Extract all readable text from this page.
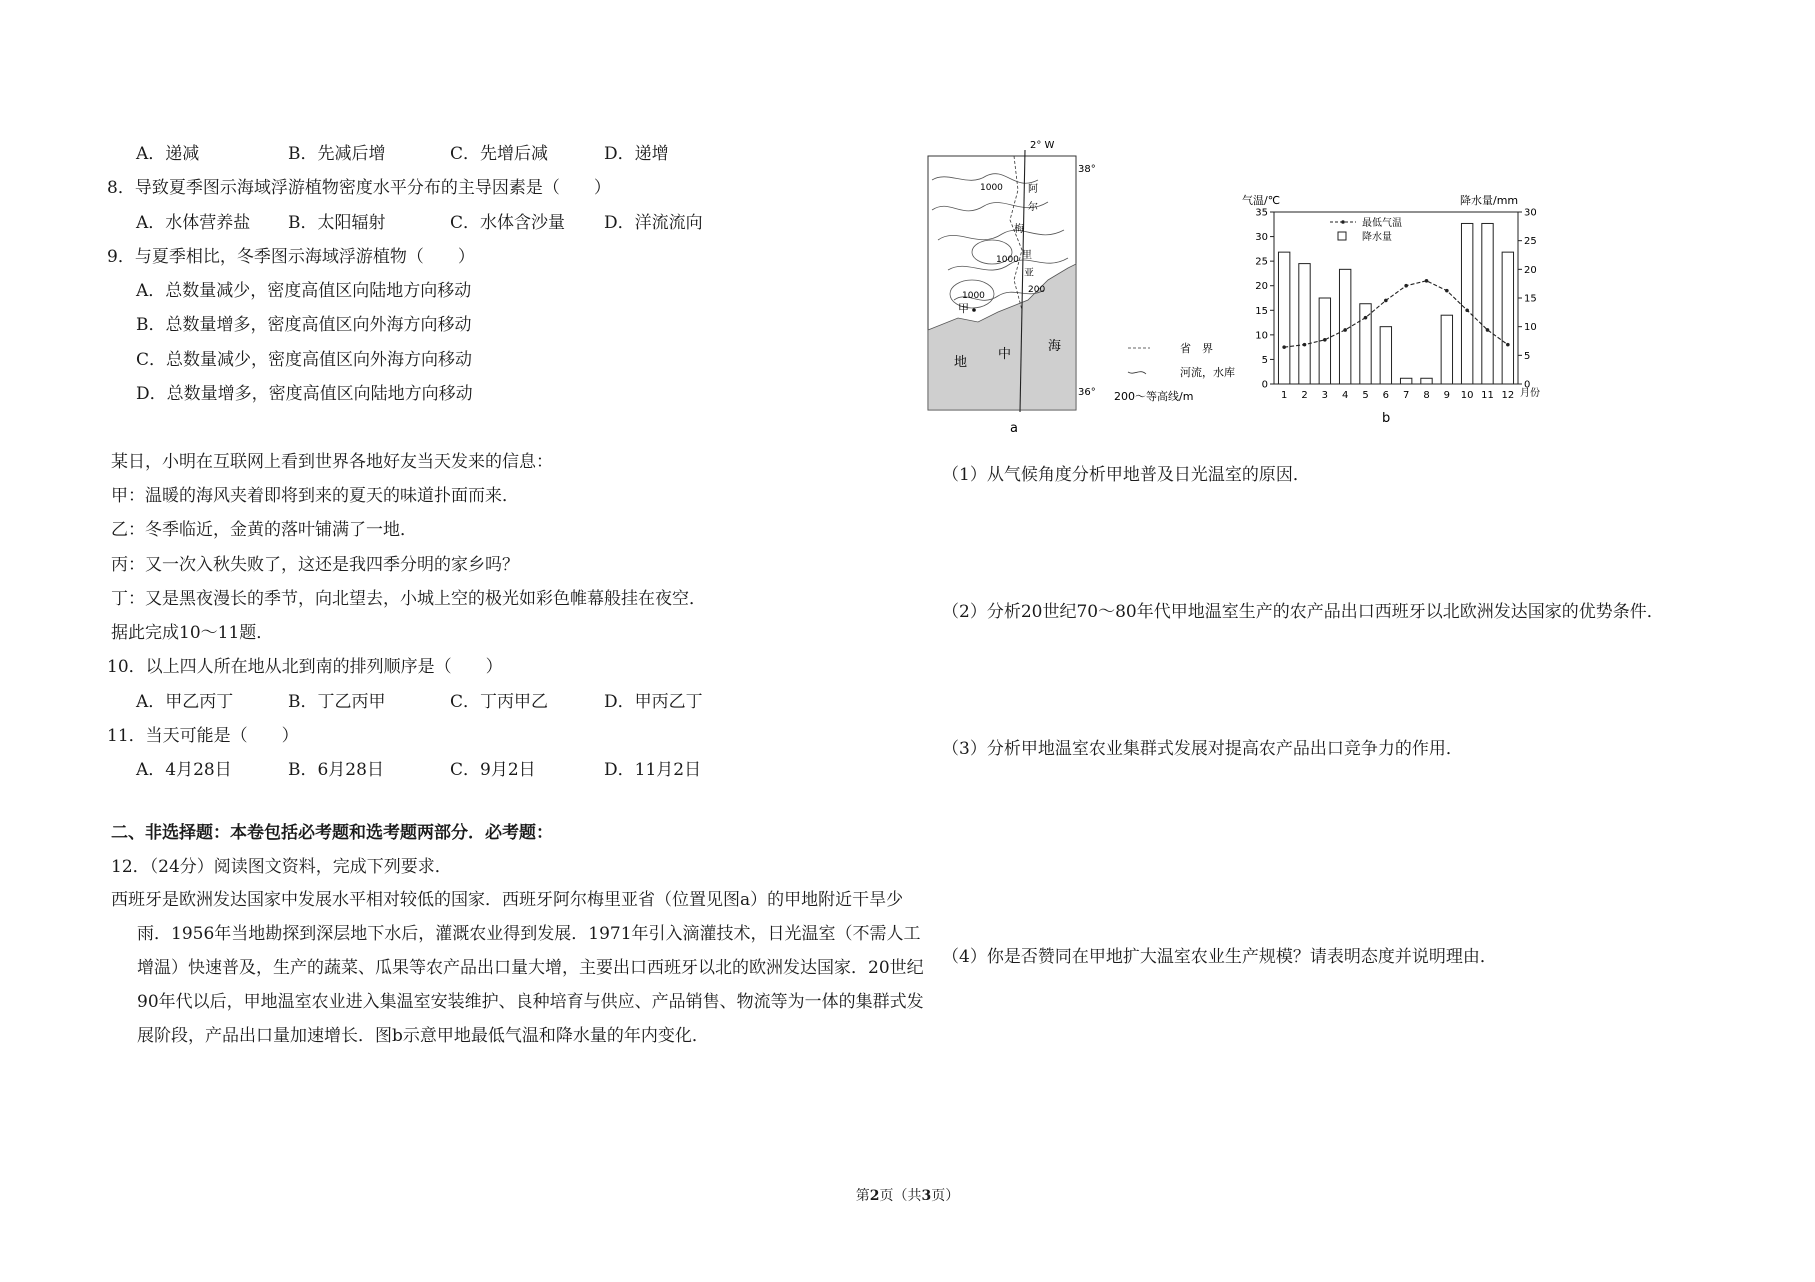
A．递减	B．先减后增	C．先增后减	D．递增
8．导致夏季图示海域浮游植物密度水平分布的主导因素是（　　）
A．水体营养盐 B．太阳辐射	C．水体含沙量 D．洋流流向
9．与夏季相比，冬季图示海域浮游植物（　　）
A．总数量减少，密度高值区向陆地方向移动
B．总数量增多，密度高值区向外海方向移动
C．总数量减少，密度高值区向外海方向移动
D．总数量增多，密度高值区向陆地方向移动
某日，小明在互联网上看到世界各地好友当天发来的信息：
甲：温暖的海风夹着即将到来的夏天的味道扑面而来．
乙：冬季临近，金黄的落叶铺满了一地．
丙：又一次入秋失败了，这还是我四季分明的家乡吗？
丁：又是黑夜漫长的季节，向北望去，小城上空的极光如彩色帷幕般挂在夜空．
据此完成10～11题．
10．以上四人所在地从北到南的排列顺序是（　　）
A．甲乙丙丁	B．丁乙丙甲	C．丁丙甲乙	D．甲丙乙丁
11．当天可能是（　　）
A．4月28日	B．6月28日	C．9月2日	D．11月2日
二、非选择题：本卷包括必考题和选考题两部分．必考题：
12．（24分）阅读图文资料，完成下列要求．
西班牙是欧洲发达国家中发展水平相对较低的国家．西班牙阿尔梅里亚省（位置见图a）的甲地附近干旱少雨．1956年当地勘探到深层地下水后，灌溉农业得到发展．1971年引入滴灌技术，日光温室（不需人工增温）快速普及，生产的蔬菜、瓜果等农产品出口量大增，主要出口西班牙以北的欧洲发达国家．20世纪90年代以后，甲地温室农业进入集温室安装维护、良种培育与供应、产品销售、物流等为一体的集群式发展阶段，产品出口量加速增长．图b示意甲地最低气温和降水量的年内变化．
（1）从气候角度分析甲地普及日光温室的原因．
（2）分析20世纪70～80年代甲地温室生产的农产品出口西班牙以北欧洲发达国家的优势条件．
（3）分析甲地温室农业集群式发展对提高农产品出口竞争力的作用．
（4）你是否赞同在甲地扩大温室农业生产规模？请表明态度并说明理由．
2° W
38°
36°
阿
尔
梅
里
亚
1000
1000
200
1000
甲
地
中
海
a
省　界
河流，水库
200～等高线/m
气温/℃	降水量/mm
0
5
10
15
20
25
30
35
0
5
10
15
20
25
30
1 2 3 4 5 6 7 8 9 10 11 12 月份
b
最低气温
降水量
第2页（共3页）
